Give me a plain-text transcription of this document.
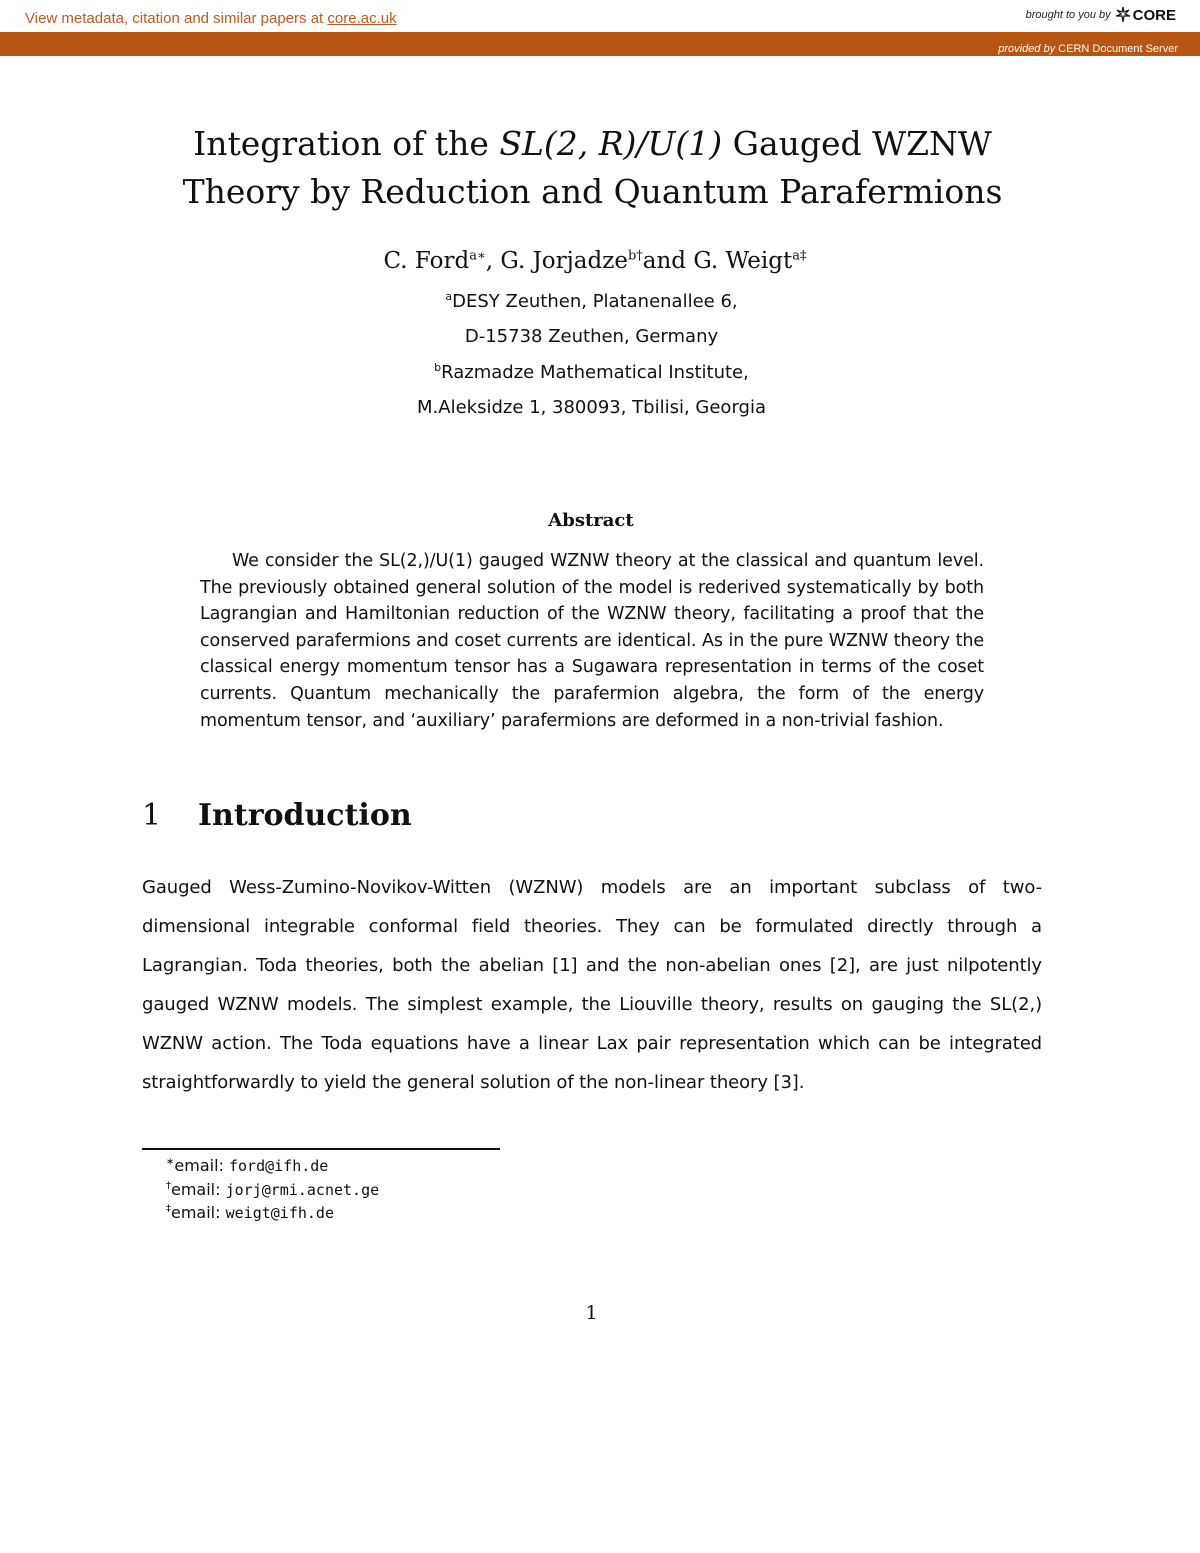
View metadata, citation and similar papers at core.ac.uk	brought to you by CORE
provided by CERN Document Server
Integration of the SL(2, R)/U(1) Gauged WZNW
Theory by Reduction and Quantum Parafermions
C. Ford$^{a∗}$, G. Jorjadze$^{b\dagger}$and G. Weigt$^{a\ddagger}$
$^a$DESY Zeuthen, Platanenallee 6,
D-15738 Zeuthen, Germany
$^b$Razmadze Mathematical Institute,
M.Aleksidze 1, 380093, Tbilisi, Georgia
Abstract
We consider the SL(2,)/U(1) gauged WZNW theory at the classical and quantum level. The previously obtained general solution of the model is rederived systematically by both Lagrangian and Hamiltonian reduction of the WZNW theory, facilitating a proof that the conserved parafermions and coset currents are identical. As in the pure WZNW theory the classical energy momentum tensor has a Sugawara representation in terms of the coset currents. Quantum mechanically the parafermion algebra, the form of the energy momentum tensor, and ‘auxiliary’ parafermions are deformed in a non-trivial fashion.
1 Introduction
Gauged Wess-Zumino-Novikov-Witten (WZNW) models are an important subclass of two-dimensional integrable conformal field theories. They can be formulated directly through a Lagrangian. Toda theories, both the abelian [1] and the non-abelian ones [2], are just nilpotently gauged WZNW models. The simplest example, the Liouville theory, results on gauging the SL(2,) WZNW action. The Toda equations have a linear Lax pair representation which can be integrated straightforwardly to yield the general solution of the non-linear theory [3].
∗email: ford@ifh.de
†email: jorj@rmi.acnet.ge
‡email: weigt@ifh.de
1
